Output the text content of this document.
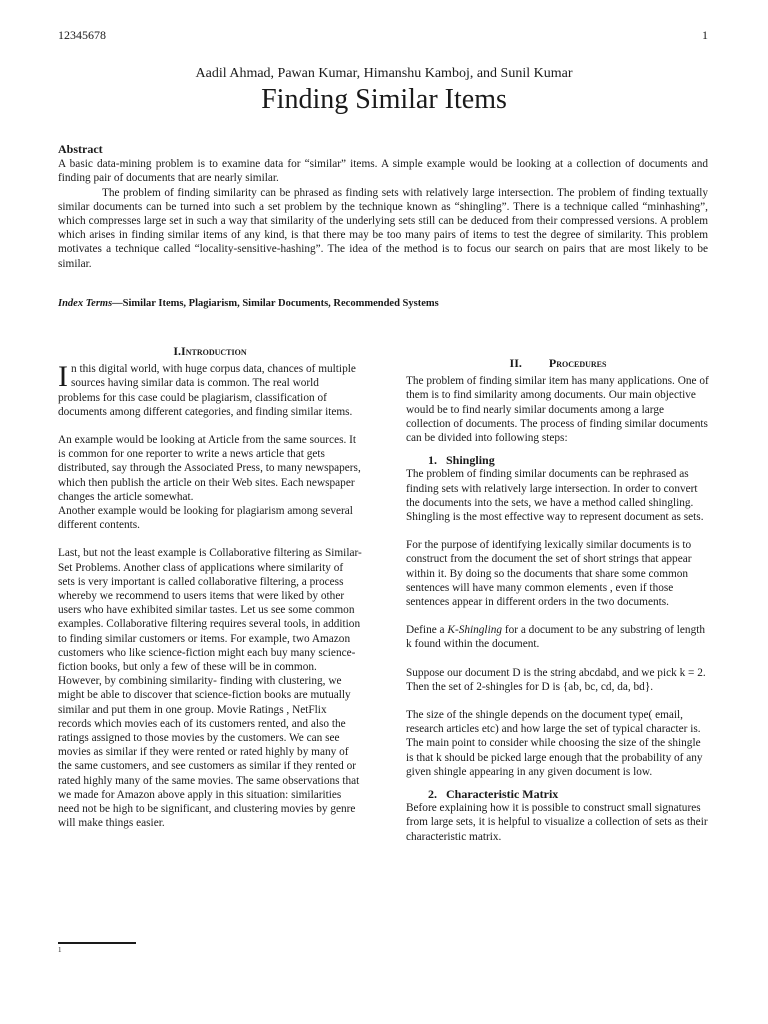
12345678	1
Aadil Ahmad, Pawan Kumar, Himanshu Kamboj, and Sunil Kumar
Finding Similar Items
Abstract

A basic data-mining problem is to examine data for “similar” items. A simple example would be looking at a collection of documents and finding pair of documents that are nearly similar.

The problem of finding similarity can be phrased as finding sets with relatively large intersection. The problem of finding textually similar documents can be turned into such a set problem by the technique known as “shingling”. There is a technique called “minhashing”, which compresses large set in such a way that similarity of the underlying sets still can be deduced from their compressed versions. A problem which arises in finding similar items of any kind, is that there may be too many pairs of items to test the degree of similarity. This problem motivates a technique called “locality-sensitive-hashing”. The idea of the method is to focus our search on pairs that are most likely to be similar.

Index Terms—Similar Items, Plagiarism, Similar Documents, Recommended Systems
I.Introduction

In this digital world, with huge corpus data, chances of multiple sources having similar data is common. The real world problems for this case could be plagiarism, classification of documents among different categories, and finding similar items.

An example would be looking at Article from the same sources. It is common for one reporter to write a news article that gets distributed, say through the Associated Press, to many newspapers, which then publish the article on their Web sites. Each newspaper changes the article somewhat.

Another example would be looking for plagiarism among several different contents.

Last, but not the least example is Collaborative filtering as Similar-Set Problems. Another class of applications where similarity of sets is very important is called collaborative filtering, a process whereby we recommend to users items that were liked by other users who have exhibited similar tastes. Let us see some common examples. Collaborative filtering requires several tools, in addition to finding similar customers or items. For example, two Amazon customers who like science-fiction might each buy many science-fiction books, but only a few of these will be in common. However, by combining similarity- finding with clustering, we might be able to discover that science-fiction books are mutually similar and put them in one group. Movie Ratings , NetFlix records which movies each of its customers rented, and also the ratings assigned to those movies by the customers. We can see movies as similar if they were rented or rated highly by many of the same customers, and see customers as similar if they rented or rated highly many of the same movies. The same observations that we made for Amazon above apply in this situation: similarities need not be high to be significant, and clustering movies by genre will make things easier.

II. Procedures

The problem of finding similar item has many applications. One of them is to find similarity among documents. Our main objective would be to find nearly similar documents among a large collection of documents. The process of finding similar documents can be divided into following steps:

1. Shingling

The problem of finding similar documents can be rephrased as finding sets with relatively large intersection. In order to convert the documents into the sets, we have a method called shingling. Shingling is the most effective way to represent document as sets.

For the purpose of identifying lexically similar documents is to construct from the document the set of short strings that appear within it. By doing so the documents that share some common sentences will have many common elements , even if those sentences appear in different orders in the two documents.

Define a K-Shingling for a document to be any substring of length k found within the document.

Suppose our document D is the string abcdabd, and we pick k = 2. Then the set of 2-shingles for D is {ab, bc, cd, da, bd}.

The size of the shingle depends on the document type( email, research articles etc) and how large the set of typical character is. The main point to consider while choosing the size of the shingle is that k should be picked large enough that the probability of any given shingle appearing in any given document is low.

2. Characteristic Matrix

Before explaining how it is possible to construct small signatures from large sets, it is helpful to visualize a collection of sets as their characteristic matrix.

1
